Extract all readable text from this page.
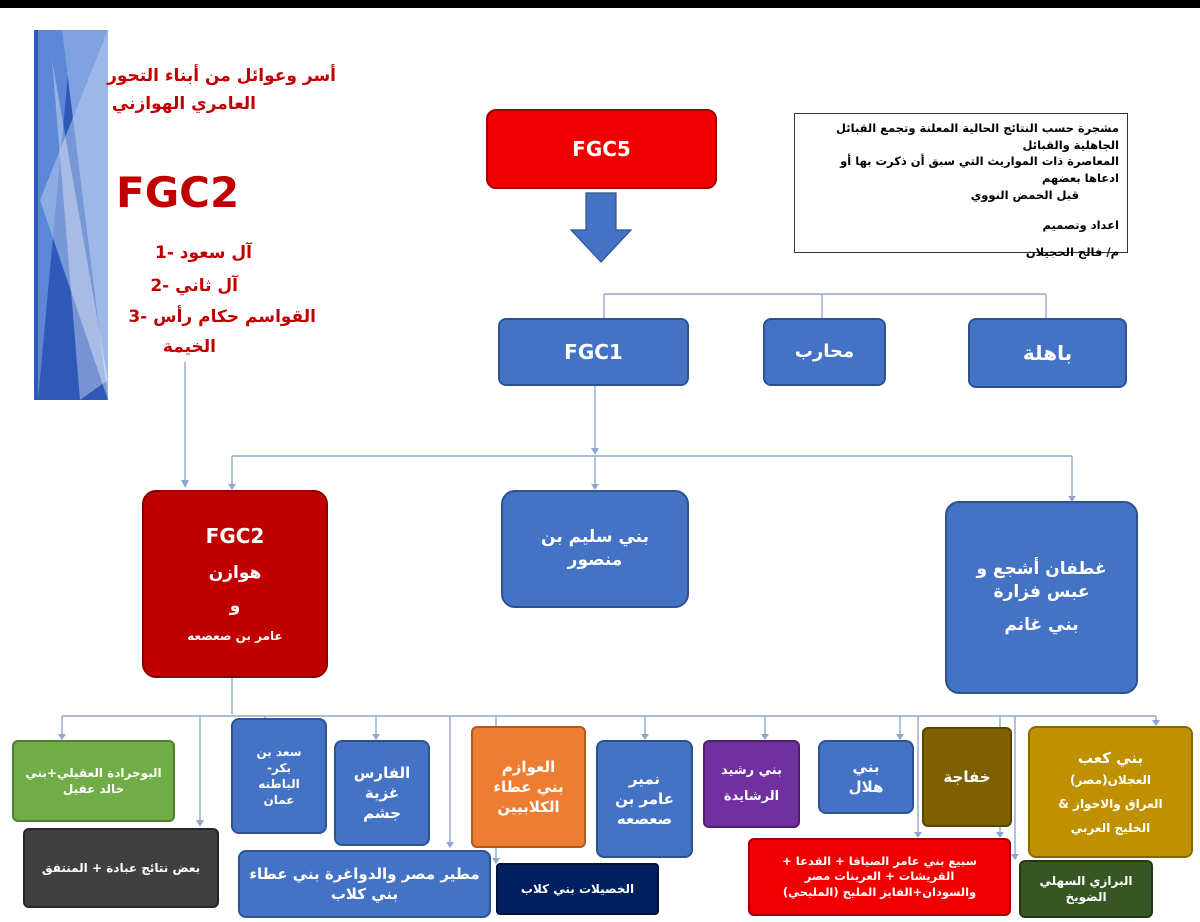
أسر وعوائل من أبناء التحور
العامري الهوازني
FGC2
1- آل سعود
2- آل ثاني
3- القواسم حكام رأس
الخيمة

مشجرة حسب النتائج الحالية المعلنة وتجمع القبائل الجاهلية والقبائل

المعاصرة ذات المواريث التي سبق أن ذكرت بها أو ادعاها بعضهم

قبل الحمض النووي

اعداد وتصميم

م/ فالح الحجيلان

FGC5
FGC1	محارب	باهلة
FGC2
هوازن
و
عامر بن صعصعه
بني سليم بن
منصور	غطفان أشجع و
عبس فزارة
بني غانم
البوجرادة العقيلي+بني
خالد عقيل
بعض نتائج عبادة + المنتفق
سعد بن
بكر-
الباطنه
عمان
الفارس
غزية
جشم
مطير مصر والدواغرة بني عطاء
بني كلاب
العوازم
بني عطاء
الكلابيين
الخصيلات بني كلاب
نمير
عامر بن
صعصعه
بني رشيد
الرشايدة
بني
هلال
خفاجة
بني كعب
العجلان(مصر)
العراق والاحواز &
الخليج العربي
سبيع بني عامر الصيافا + القدعا +
القريشات + العرينات مصر
والسودان+الفايز المليح (المليحي)
البرازي السهلي
الضويخ
